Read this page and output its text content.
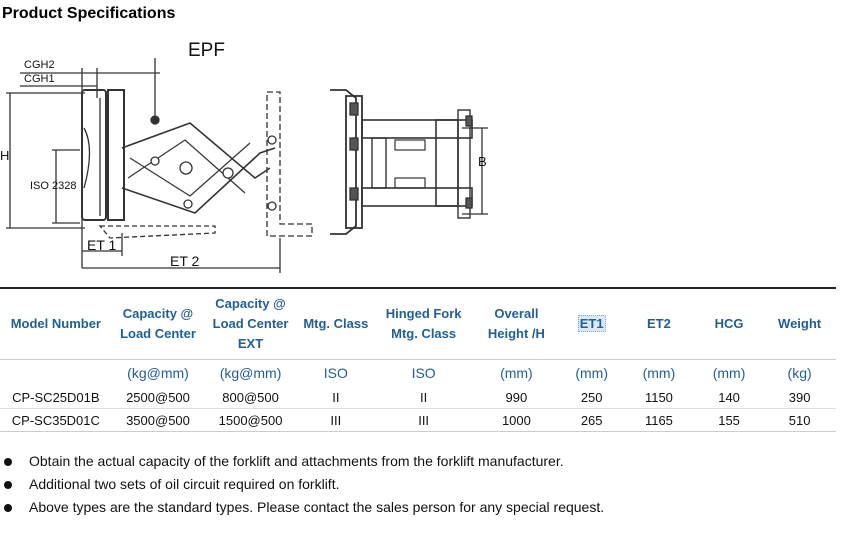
Product Specifications
EPF
CGH2
CGH1
H
ISO 2328
ET 1
ET 2
B
Model Number	Capacity @ Load Center	Capacity @ Load Center EXT	Mtg. Class	Hinged Fork Mtg. Class	Overall Height /H	ET1	ET2	HCG	Weight
	(kg@mm)	(kg@mm)	ISO	ISO	(mm)	(mm)	(mm)	(mm)	(kg)
CP-SC25D01B	2500@500	800@500	II	II	990	250	1150	140	390
CP-SC35D01C	3500@500	1500@500	III	III	1000	265	1165	155	510
Obtain the actual capacity of the forklift and attachments from the forklift manufacturer.
Additional two sets of oil circuit required on forklift.
Above types are the standard types. Please contact the sales person for any special request.
